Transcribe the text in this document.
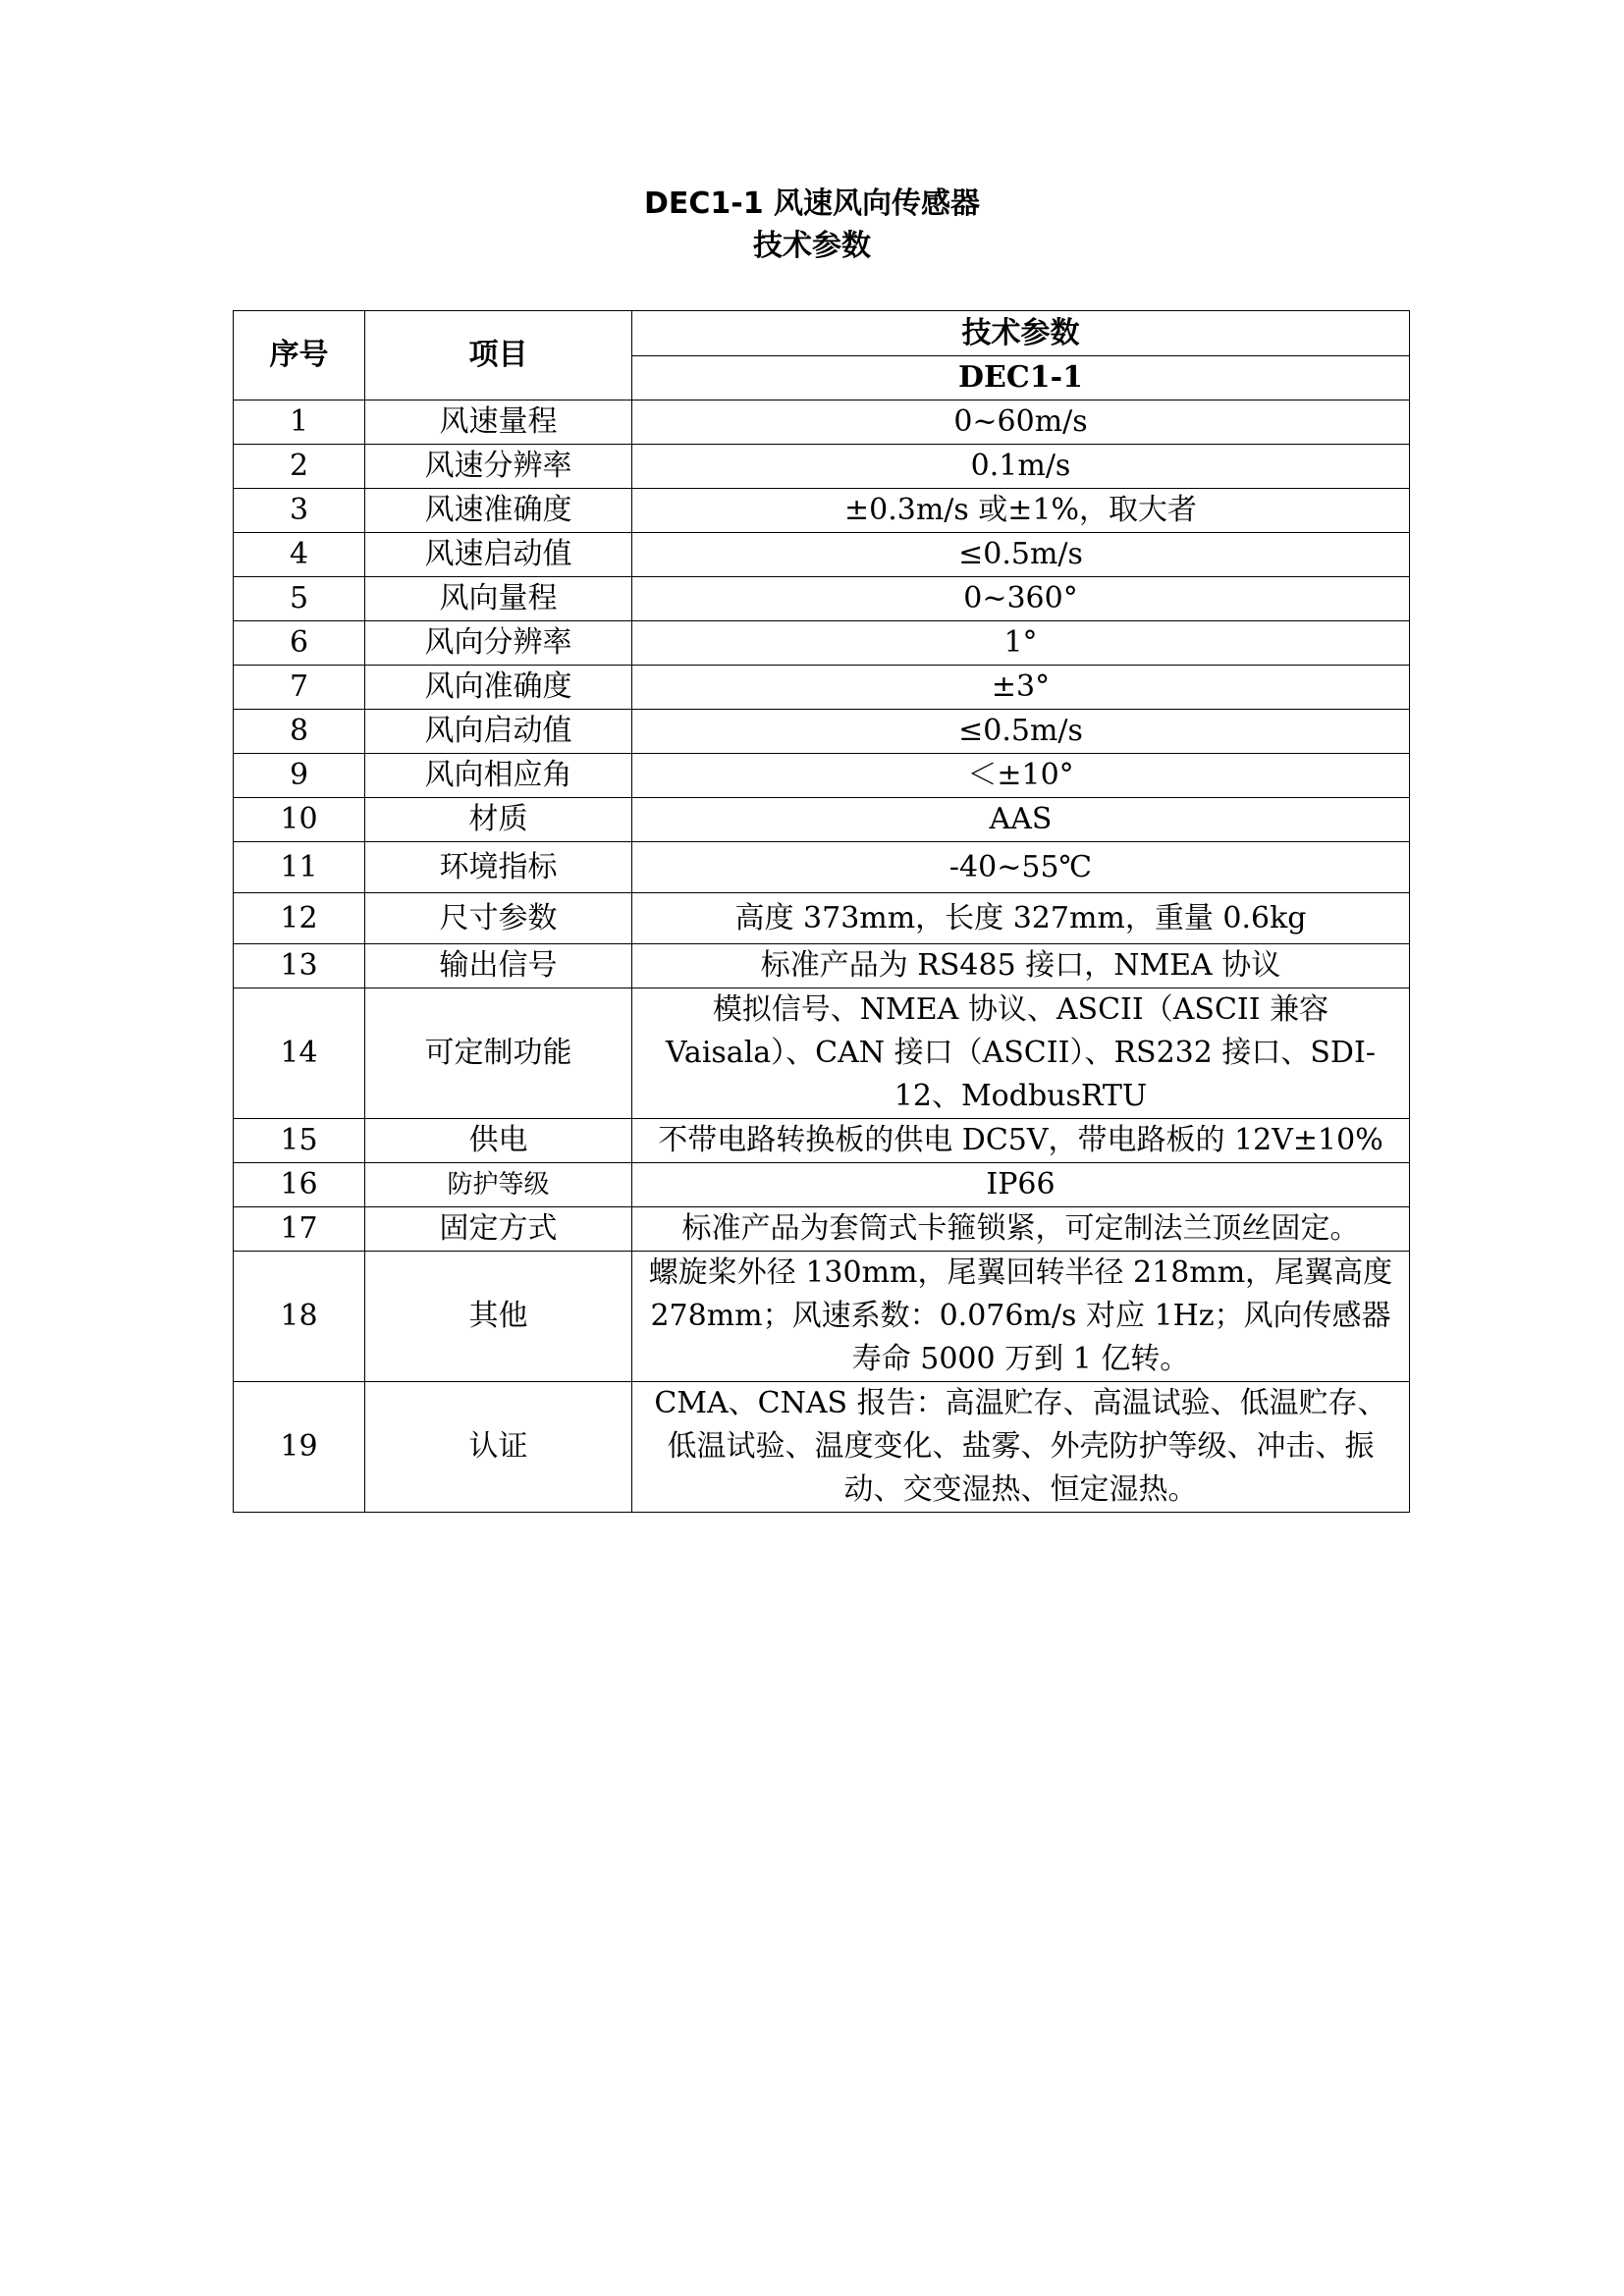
DEC1-1 风速风向传感器
技术参数
序号	项目	技术参数
		DEC1-1
1	风速量程	0~60m/s
2	风速分辨率	0.1m/s
3	风速准确度	±0.3m/s 或±1%，取大者
4	风速启动值	≤0.5m/s
5	风向量程	0~360°
6	风向分辨率	1°
7	风向准确度	±3°
8	风向启动值	≤0.5m/s
9	风向相应角	＜±10°
10	材质	AAS
11	环境指标	-40~55℃
12	尺寸参数	高度 373mm，长度 327mm，重量 0.6kg
13	输出信号	标准产品为 RS485 接口，NMEA 协议
14	可定制功能	模拟信号、NMEA 协议、ASCII（ASCII 兼容 Vaisala）、CAN 接口（ASCII）、RS232 接口、SDI-12、ModbusRTU
15	供电	不带电路转换板的供电 DC5V，带电路板的 12V±10%
16	防护等级	IP66
17	固定方式	标准产品为套筒式卡箍锁紧，可定制法兰顶丝固定。
18	其他	螺旋桨外径 130mm，尾翼回转半径 218mm，尾翼高度 278mm；风速系数：0.076m/s 对应 1Hz；风向传感器寿命 5000 万到 1 亿转。
19	认证	CMA、CNAS 报告：高温贮存、高温试验、低温贮存、低温试验、温度变化、盐雾、外壳防护等级、冲击、振动、交变湿热、恒定湿热。
